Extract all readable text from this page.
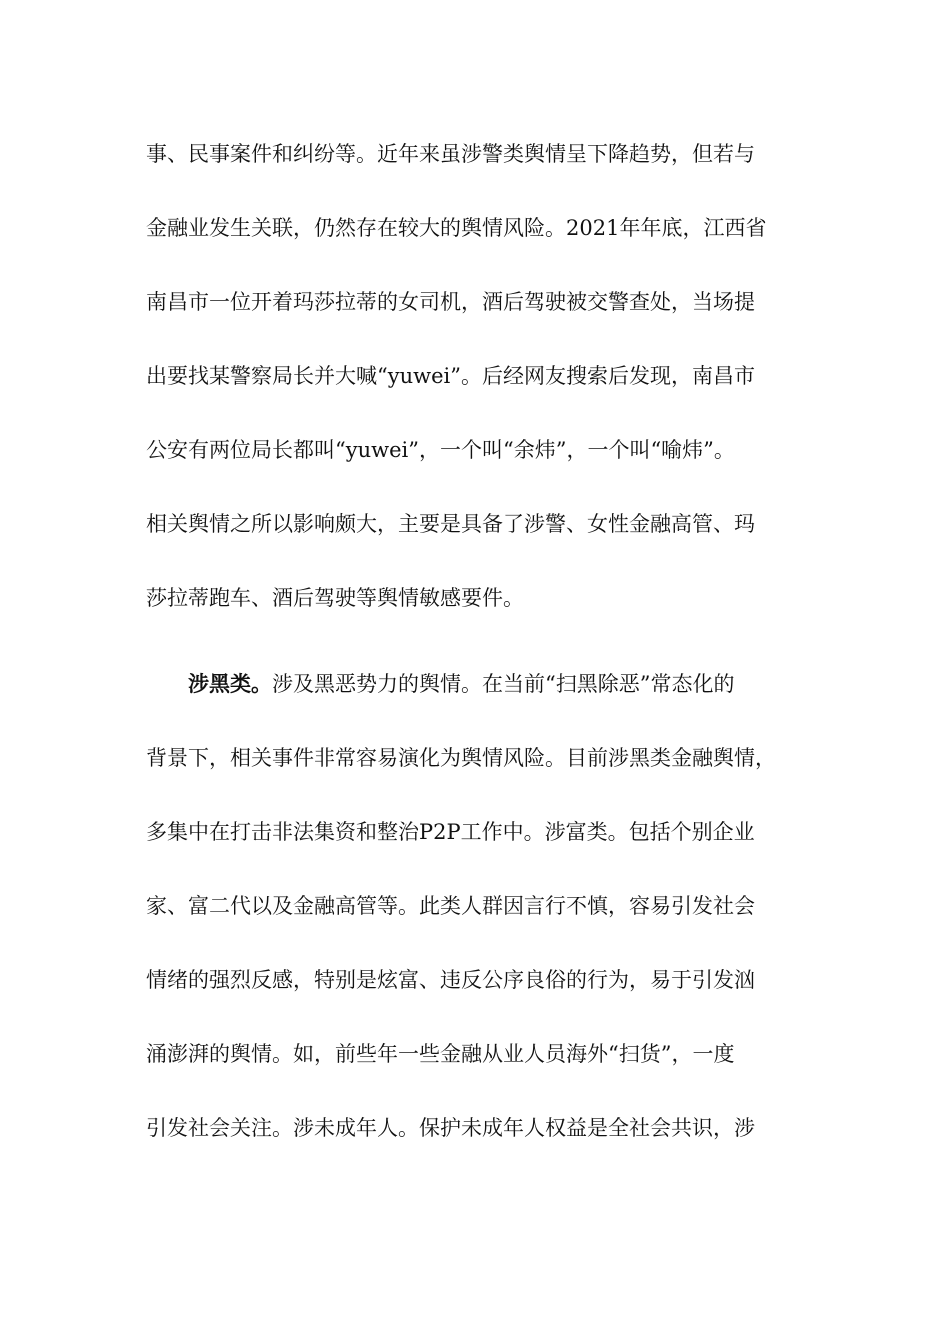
事、民事案件和纠纷等。近年来虽涉警类舆情呈下降趋势，但若与
金融业发生关联，仍然存在较大的舆情风险。2021年年底，江西省
南昌市一位开着玛莎拉蒂的女司机，酒后驾驶被交警查处，当场提
出要找某警察局长并大喊“yuwei”。后经网友搜索后发现，南昌市
公安有两位局长都叫“yuwei”，一个叫“余炜”，一个叫“喻炜”。
相关舆情之所以影响颇大，主要是具备了涉警、女性金融高管、玛
莎拉蒂跑车、酒后驾驶等舆情敏感要件。
涉黑类。涉及黑恶势力的舆情。在当前“扫黑除恶”常态化的
背景下，相关事件非常容易演化为舆情风险。目前涉黑类金融舆情，
多集中在打击非法集资和整治P2P工作中。涉富类。包括个别企业
家、富二代以及金融高管等。此类人群因言行不慎，容易引发社会
情绪的强烈反感，特别是炫富、违反公序良俗的行为，易于引发汹
涌澎湃的舆情。如，前些年一些金融从业人员海外“扫货”，一度
引发社会关注。涉未成年人。保护未成年人权益是全社会共识，涉
